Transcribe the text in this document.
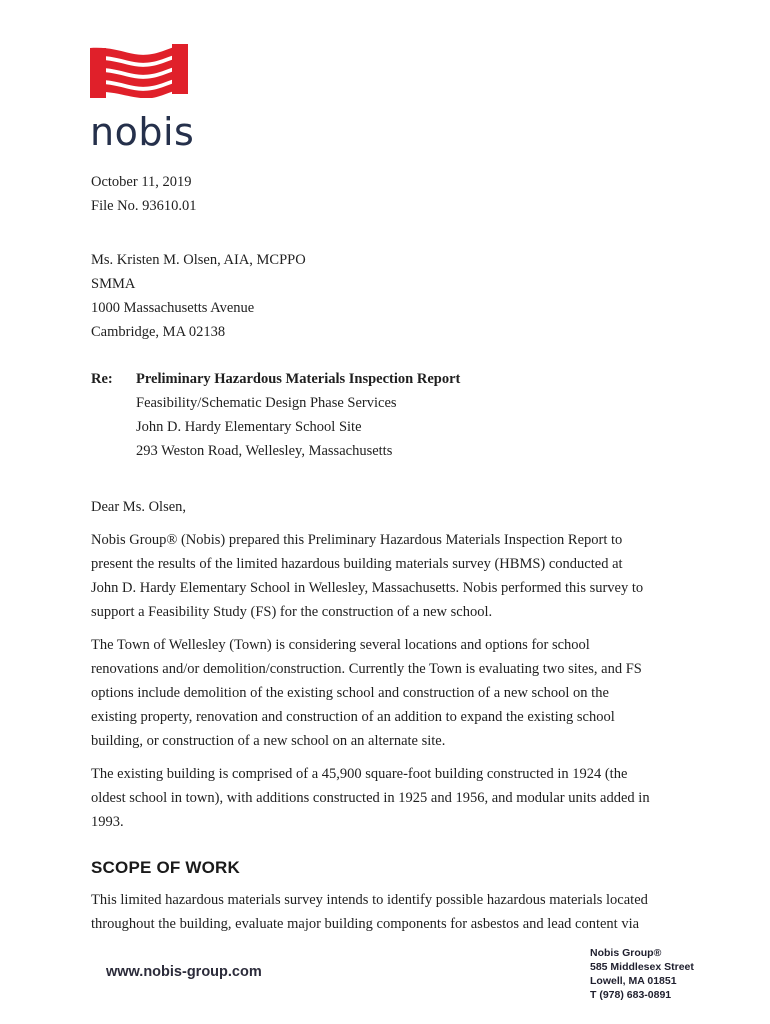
nobis
October 11, 2019
File No. 93610.01
Ms. Kristen M. Olsen, AIA, MCPPO
SMMA
1000 Massachusetts Avenue
Cambridge, MA 02138
Re:	Preliminary Hazardous Materials Inspection Report
Feasibility/Schematic Design Phase Services
John D. Hardy Elementary School Site
293 Weston Road, Wellesley, Massachusetts
Dear Ms. Olsen,
Nobis Group® (Nobis) prepared this Preliminary Hazardous Materials Inspection Report to
present the results of the limited hazardous building materials survey (HBMS) conducted at
John D. Hardy Elementary School in Wellesley, Massachusetts. Nobis performed this survey to
support a Feasibility Study (FS) for the construction of a new school.
The Town of Wellesley (Town) is considering several locations and options for school
renovations and/or demolition/construction. Currently the Town is evaluating two sites, and FS
options include demolition of the existing school and construction of a new school on the
existing property, renovation and construction of an addition to expand the existing school
building, or construction of a new school on an alternate site.
The existing building is comprised of a 45,900 square-foot building constructed in 1924 (the
oldest school in town), with additions constructed in 1925 and 1956, and modular units added in
1993.
SCOPE OF WORK
This limited hazardous materials survey intends to identify possible hazardous materials located
throughout the building, evaluate major building components for asbestos and lead content via
www.nobis-group.com
Nobis Group®
585 Middlesex Street
Lowell, MA 01851
T (978) 683-0891
